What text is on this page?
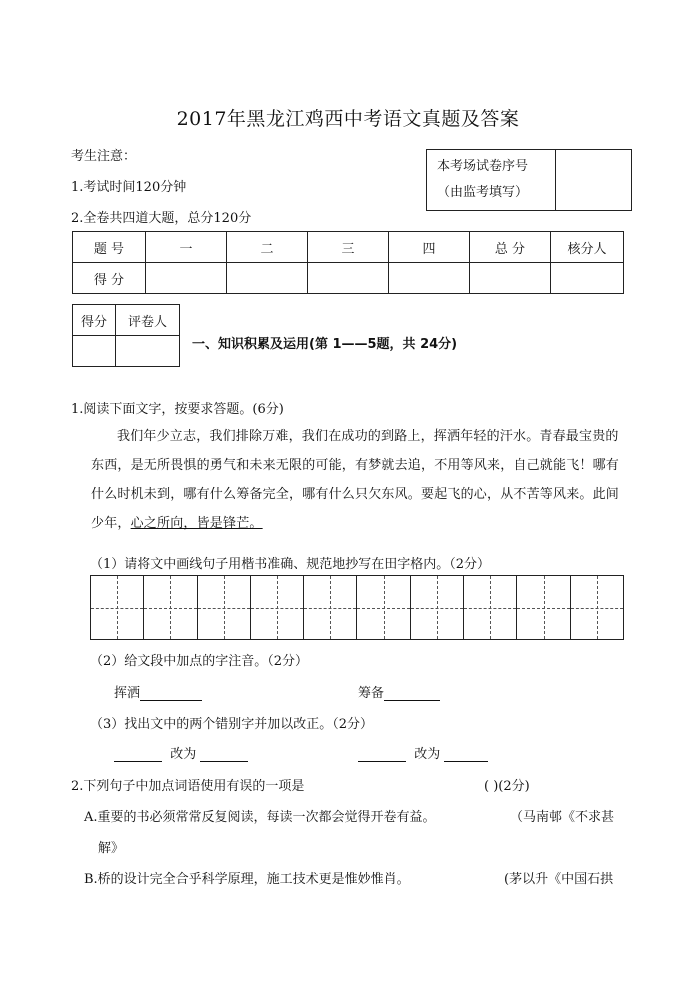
2017年黑龙江鸡西中考语文真题及答案
考生注意：
1.考试时间120分钟
2.全卷共四道大题，总分120分
本考场试卷序号
（由监考填写）

题 号	一	二	三	四	总 分	核分人
得 分						
得分	评卷人

一、知识积累及运用(第 1——5题，共 24分)
1.阅读下面文字，按要求答题。(6分)
我们年少立志，我们排除万难，我们在成功的到路上，挥洒年轻的汗水。青春最宝贵的东西，是无所畏惧的勇气和未来无限的可能，有梦就去追，不用等风来，自己就能飞！哪有什么时机未到，哪有什么筹备完全，哪有什么只欠东风。要起飞的心，从不苦等风来。此间少年，心之所向，皆是锋芒。
（1）请将文中画线句子用楷书准确、规范地抄写在田字格内。（2分）
（2）给文段中加点的字注音。（2分）
挥洒	筹备
（3）找出文中的两个错别字并加以改正。（2分）
改为	改为
2.下列句子中加点词语使用有误的一项是	( )(2分)
A.重要的书必须常常反复阅读，每读一次都会觉得开卷有益。	（马南邨《不求甚
解》
B.桥的设计完全合乎科学原理，施工技术更是惟妙惟肖。	(茅以升《中国石拱
